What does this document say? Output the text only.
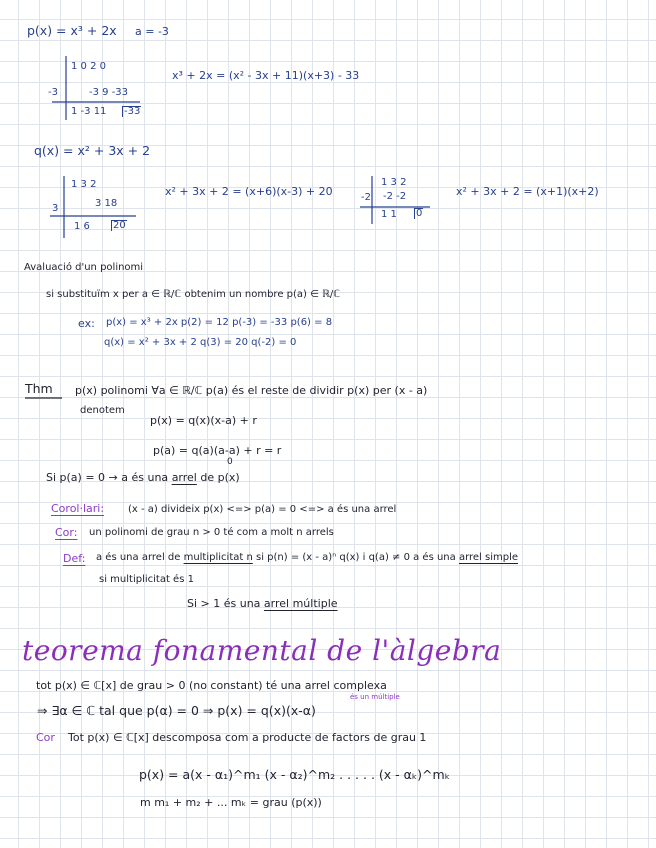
p(x) = x³ + 2x a = -3
1 0 2 0
-3	-3 9 -33
1 -3 11 -33
x³ + 2x = (x² - 3x + 11)(x+3) - 33
q(x) = x² + 3x + 2
1 3 2
3	3 18
1 6 20
x² + 3x + 2 = (x+6)(x-3) + 20
1 3 2
-2 -2 -2
1 1 0
x² + 3x + 2 = (x+1)(x+2)
Avaluació d'un polinomi
si substituïm x per a ∈ ℝ/ℂ obtenim un nombre p(a) ∈ ℝ/ℂ
ex: p(x) = x³ + 2x p(2) = 12 p(-3) = -33 p(6) = 8
q(x) = x² + 3x + 2 q(3) = 20 q(-2) = 0
Thm p(x) polinomi ∀a ∈ ℝ/ℂ p(a) és el reste de dividir p(x) per (x - a)
denotem
p(x) = q(x)(x-a) + r
p(a) = q(a)(a-a) + r = r
0
Si p(a) = 0 → a és una arrel de p(x)
Corol·lari: (x - a) divideix p(x) <=> p(a) = 0 <=> a és una arrel
Cor: un polinomi de grau n > 0 té com a molt n arrels
Def: a és una arrel de multiplicitat n si p(n) = (x - a)ⁿ q(x) i q(a) ≠ 0 a és una arrel simple
si multiplicitat és 1
Si > 1 és una arrel múltiple
teorema fonamental de l'àlgebra
tot p(x) ∈ ℂ[x] de grau > 0 (no constant) té una arrel complexa
és un múltiple
⇒ ∃α ∈ ℂ tal que p(α) = 0 ⇒ p(x) = q(x)(x-α)
Cor Tot p(x) ∈ ℂ[x] descomposa com a producte de factors de grau 1
p(x) = a(x - α₁)^m₁ (x - α₂)^m₂ . . . . . (x - αₖ)^mₖ
m m₁ + m₂ + ... mₖ = grau (p(x))
